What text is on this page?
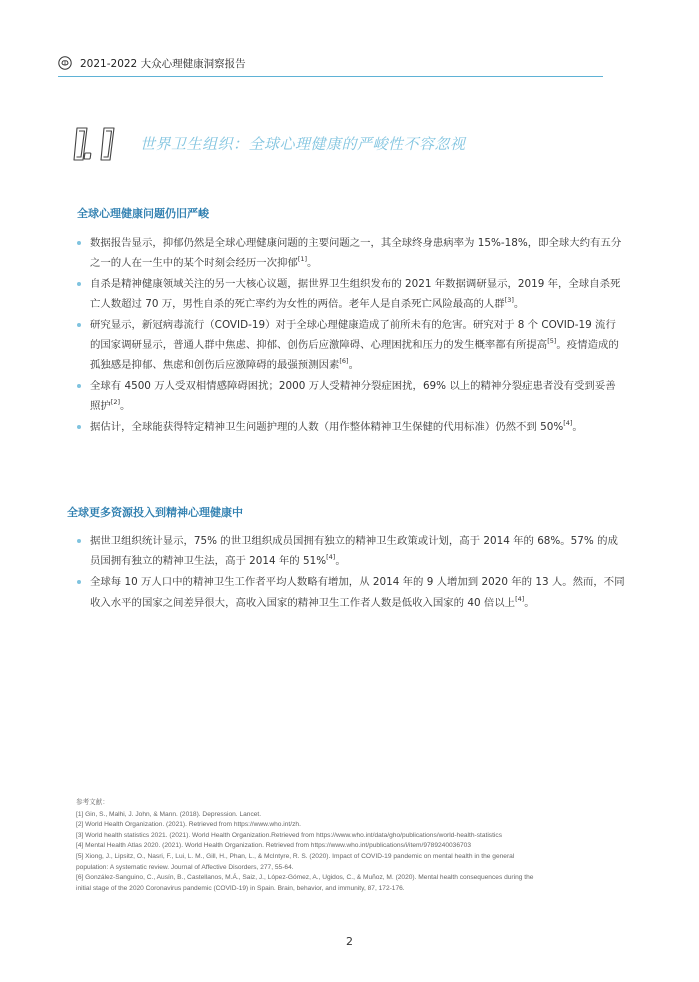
2021-2022 大众心理健康洞察报告
世界卫生组织：全球心理健康的严峻性不容忽视
全球心理健康问题仍旧严峻
数据报告显示，抑郁仍然是全球心理健康问题的主要问题之一，其全球终身患病率为 15%-18%，即全球大约有五分之一的人在一生中的某个时刻会经历一次抑郁[1]。
自杀是精神健康领域关注的另一大核心议题，据世界卫生组织发布的 2021 年数据调研显示，2019 年，全球自杀死亡人数超过 70 万，男性自杀的死亡率约为女性的两倍。老年人是自杀死亡风险最高的人群[3]。
研究显示，新冠病毒流行（COVID-19）对于全球心理健康造成了前所未有的危害。研究对于 8 个 COVID-19 流行的国家调研显示，普通人群中焦虑、抑郁、创伤后应激障碍、心理困扰和压力的发生概率都有所提高[5]。疫情造成的孤独感是抑郁、焦虑和创伤后应激障碍的最强预测因素[6]。
全球有 4500 万人受双相情感障碍困扰；2000 万人受精神分裂症困扰，69% 以上的精神分裂症患者没有受到妥善照护[2]。
据估计，全球能获得特定精神卫生问题护理的人数（用作整体精神卫生保健的代用标准）仍然不到 50%[4]。
全球更多资源投入到精神心理健康中
据世卫组织统计显示，75% 的世卫组织成员国拥有独立的精神卫生政策或计划，高于 2014 年的 68%。57% 的成员国拥有独立的精神卫生法，高于 2014 年的 51%[4]。
全球每 10 万人口中的精神卫生工作者平均人数略有增加，从 2014 年的 9 人增加到 2020 年的 13 人。然而，不同收入水平的国家之间差异很大，高收入国家的精神卫生工作者人数是低收入国家的 40 倍以上[4]。
参考文献：
[1] Gin, S., Malhi, J. John, & Mann. (2018). Depression. Lancet.
[2] World Health Organization. (2021). Retrieved from https://www.who.int/zh.
[3] World health statistics 2021. (2021). World Health Organization.Retrieved from https://www.who.int/data/gho/publications/world-health-statistics
[4] Mental Health Atlas 2020. (2021). World Health Organization. Retrieved from https://www.who.int/publications/i/item/9789240036703
[5] Xiong, J., Lipsitz, O., Nasri, F., Lui, L. M., Gill, H., Phan, L., & McIntyre, R. S. (2020). Impact of COVID-19 pandemic on mental health in the general
population: A systematic review. Journal of Affective Disorders, 277, 55-64.
[6] González-Sanguino, C., Ausín, B., Castellanos, M.Á., Saiz, J., López-Gómez, A., Ugidos, C., & Muñoz, M. (2020). Mental health consequences during the
initial stage of the 2020 Coronavirus pandemic (COVID-19) in Spain. Brain, behavior, and immunity, 87, 172-176.
2
